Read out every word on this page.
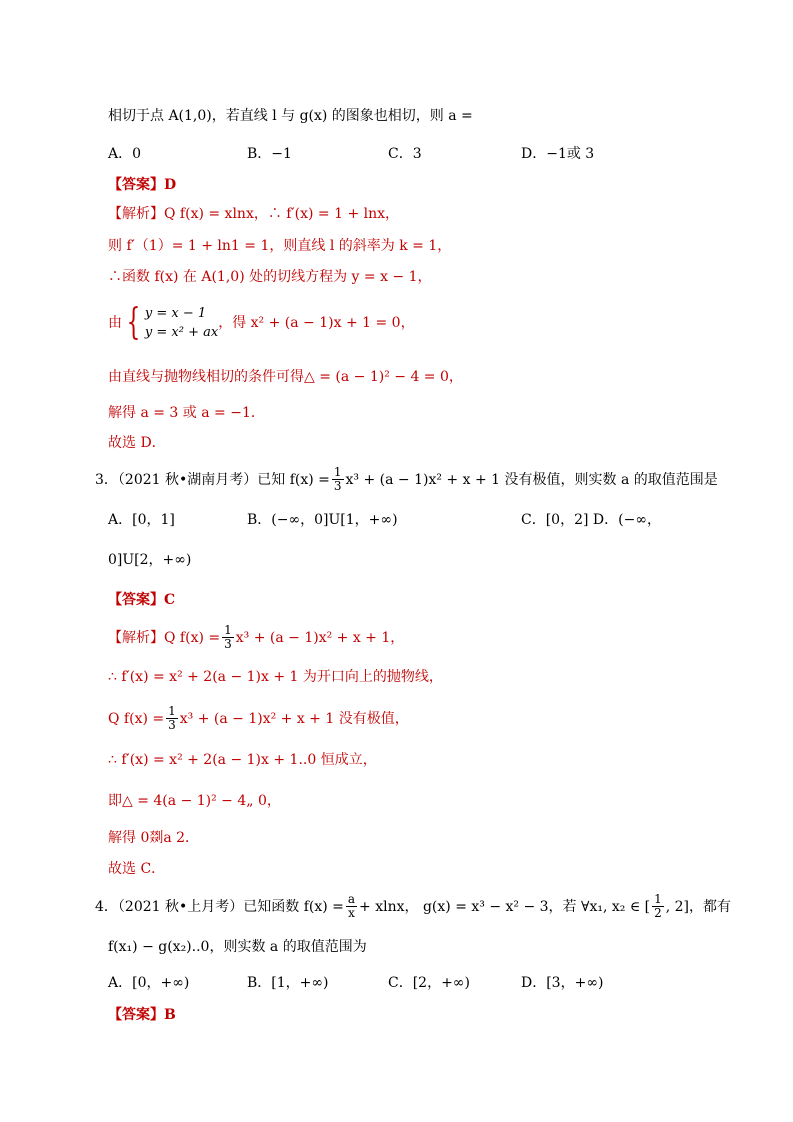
相切于点 A(1,0)，若直线 l 与 g(x) 的图象也相切，则 a =
A．0	B．−1	C．3	D．−1或 3
【答案】D
【解析】Q f(x) = xlnx，∴ f′(x) = 1 + lnx，
则 f′（1）= 1 + ln1 = 1，则直线 l 的斜率为 k = 1，
∴函数 f(x) 在 A(1,0) 处的切线方程为 y = x − 1，
由 { y = x − 1
y = x² + ax
，得 x² + (a − 1)x + 1 = 0，
由直线与抛物线相切的条件可得△ = (a − 1)² − 4 = 0，
解得 a = 3 或 a = −1．
故选 D．
3．（2021 秋•湖南月考）已知 $f(x) = \frac{1}{3} x^3 + (a - 1)x^2 + x + 1$ 没有极值，则实数 a 的取值范围是
A．[0，1]	B．(−∞，0]U[1，+∞)	C．[0，2] D．(−∞，
0]U[2，+∞)
【答案】C
【解析】Q $f(x) = \frac{1}{3} x^3 + (a - 1)x^2 + x + 1$，
∴ f′(x) = x² + 2(a − 1)x + 1 为开口向上的抛物线，
Q $f(x) = \frac{1}{3} x^3 + (a - 1)x^2 + x + 1$ 没有极值，
∴ f′(x) = x² + 2(a − 1)x + 1..0 恒成立，
即△ = 4(a − 1)² − 4„ 0，
解得 0剟a 2．
故选 C．
4．（2021 秋•上月考）已知函数 $f(x) = \frac{a}{x} + xlnx$， g(x) = x³ − x² − 3，若 ∀x₁, x₂ ∈ [ $\frac{1}{2}$ , 2]，都有
f(x₁) − g(x₂)..0，则实数 a 的取值范围为
A．[0，+∞)	B．[1，+∞)	C．[2，+∞)	D．[3，+∞)
【答案】B
